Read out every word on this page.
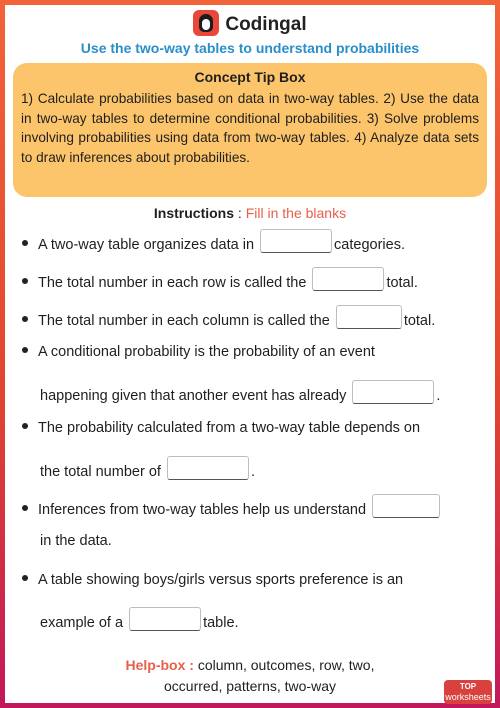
Codingal
Use the two-way tables to understand probabilities
Concept Tip Box

1) Calculate probabilities based on data in two-way tables. 2) Use the data in two-way tables to determine conditional probabilities. 3) Solve problems involving probabilities using data from two-way tables. 4) Analyze data sets to draw inferences about probabilities.

Instructions : Fill in the blanks
A two-way table organizes data in	categories.
The total number in each row is called the	total.
The total number in each column is called the	total.
A conditional probability is the probability of an event
happening given that another event has already	.
The probability calculated from a two-way table depends on
the total number of	.
Inferences from two-way tables help us understand
in the data.
A table showing boys/girls versus sports preference is an
example of a	table.
Help-box : column, outcomes, row, two,
occurred, patterns, two-way	TOP
worksheets
